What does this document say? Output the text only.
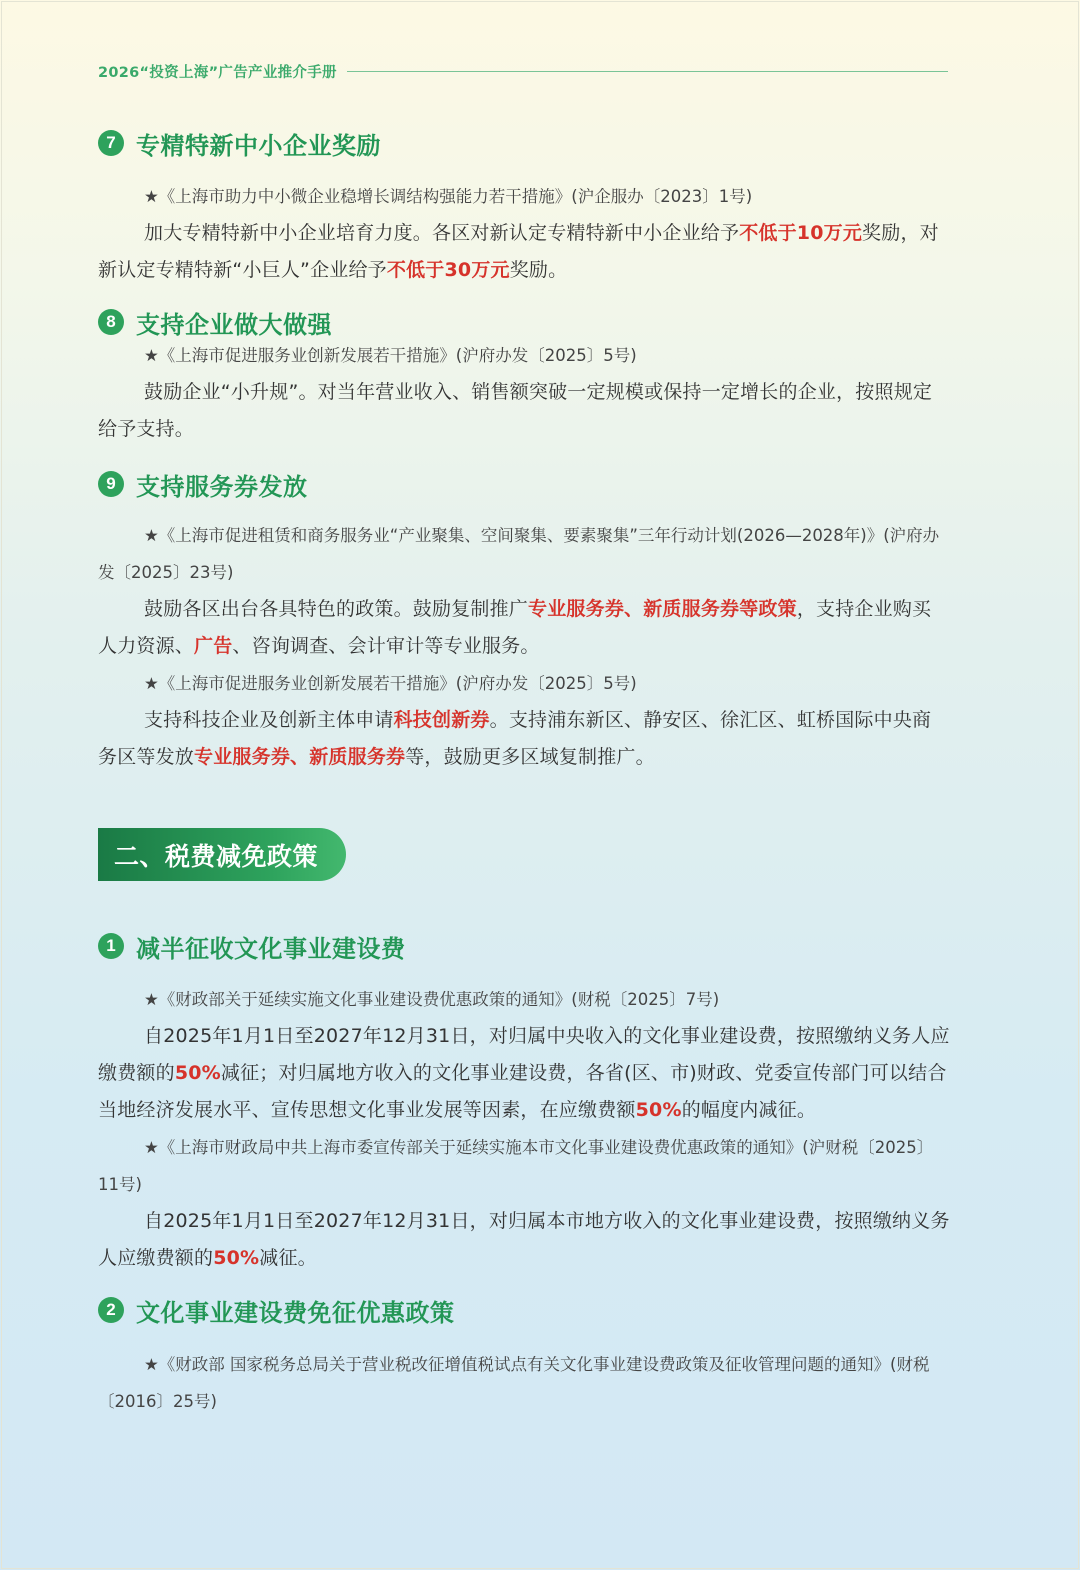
2026“投资上海”广告产业推介手册
7 专精特新中小企业奖励

★《上海市助力中小微企业稳增长调结构强能力若干措施》(沪企服办〔2023〕1号)

加大专精特新中小企业培育力度。各区对新认定专精特新中小企业给予不低于10万元奖励，对新认定专精特新“小巨人”企业给予不低于30万元奖励。

8 支持企业做大做强

★《上海市促进服务业创新发展若干措施》(沪府办发〔2025〕5号)

鼓励企业“小升规”。对当年营业收入、销售额突破一定规模或保持一定增长的企业，按照规定给予支持。

9 支持服务券发放

★《上海市促进租赁和商务服务业“产业聚集、空间聚集、要素聚集”三年行动计划(2026—2028年)》(沪府办发〔2025〕23号)

鼓励各区出台各具特色的政策。鼓励复制推广专业服务券、新质服务券等政策，支持企业购买人力资源、广告、咨询调查、会计审计等专业服务。

★《上海市促进服务业创新发展若干措施》(沪府办发〔2025〕5号)

支持科技企业及创新主体申请科技创新券。支持浦东新区、静安区、徐汇区、虹桥国际中央商务区等发放专业服务券、新质服务券等，鼓励更多区域复制推广。

二、税费减免政策
1 减半征收文化事业建设费

★《财政部关于延续实施文化事业建设费优惠政策的通知》(财税〔2025〕7号)

自2025年1月1日至2027年12月31日，对归属中央收入的文化事业建设费，按照缴纳义务人应缴费额的50%减征；对归属地方收入的文化事业建设费，各省(区、市)财政、党委宣传部门可以结合当地经济发展水平、宣传思想文化事业发展等因素，在应缴费额50%的幅度内减征。

★《上海市财政局中共上海市委宣传部关于延续实施本市文化事业建设费优惠政策的通知》(沪财税〔2025〕11号)

自2025年1月1日至2027年12月31日，对归属本市地方收入的文化事业建设费，按照缴纳义务人应缴费额的50%减征。

2 文化事业建设费免征优惠政策

★《财政部 国家税务总局关于营业税改征增值税试点有关文化事业建设费政策及征收管理问题的通知》(财税〔2016〕25号)
